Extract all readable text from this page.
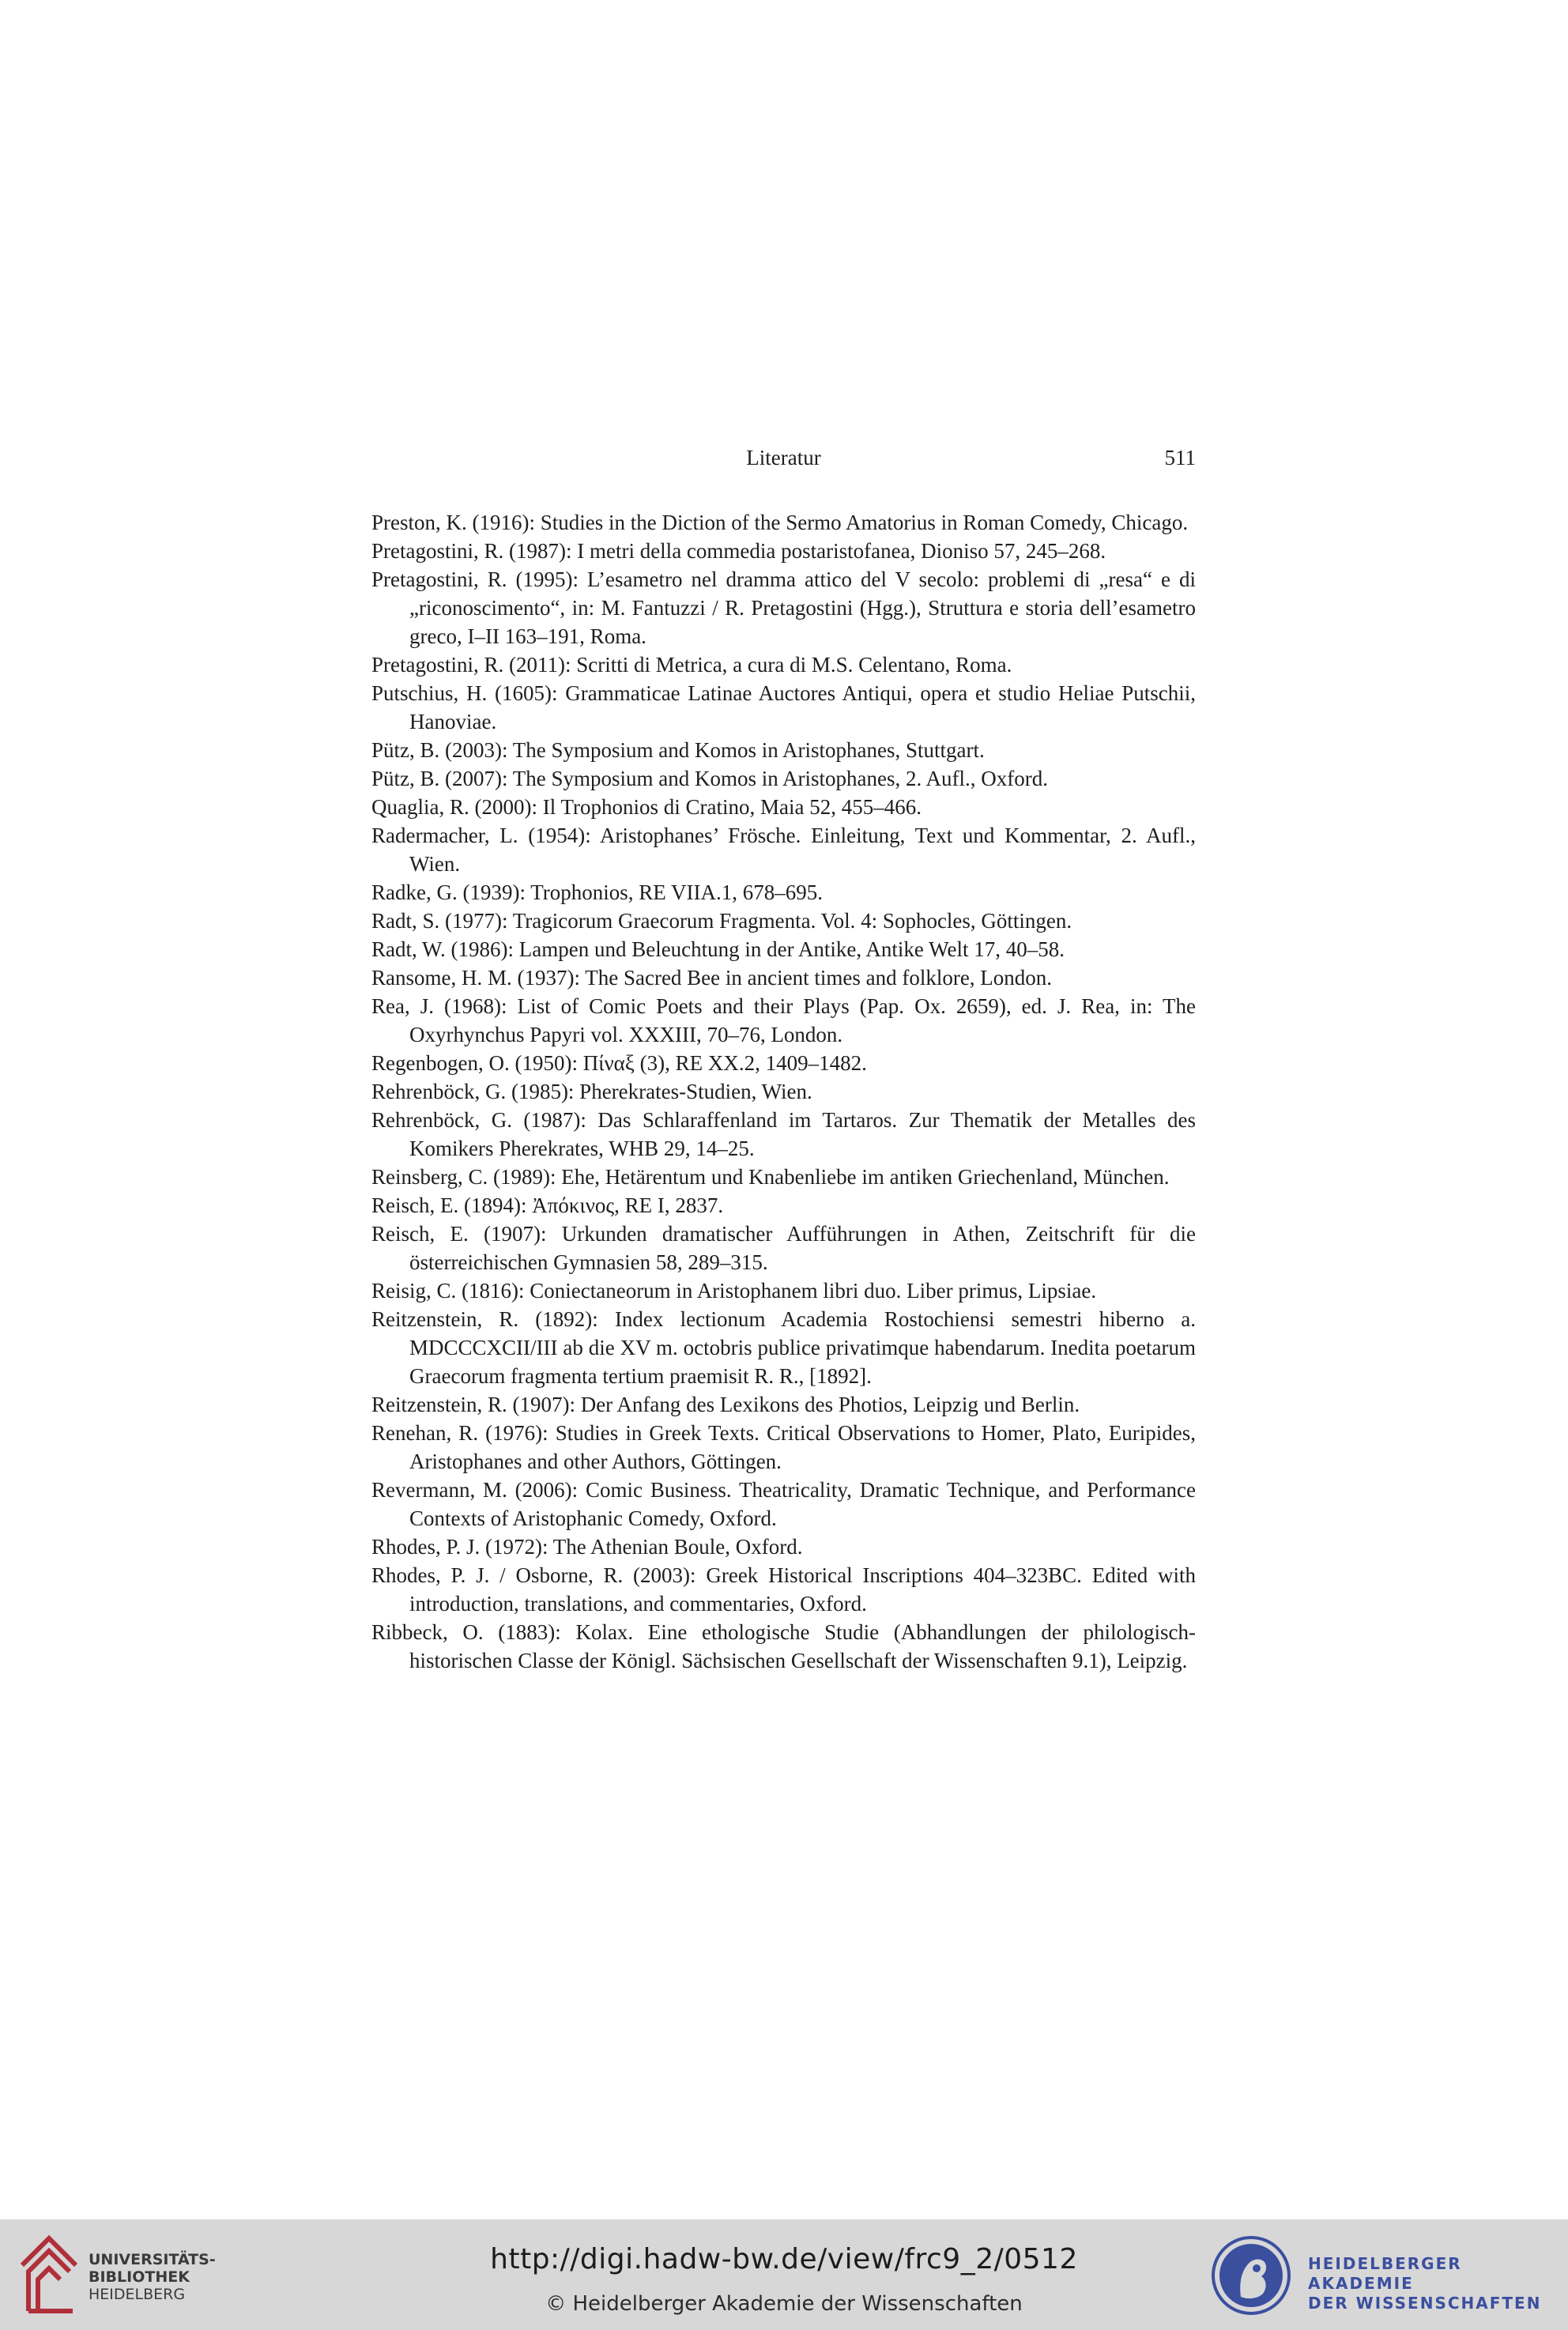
Literatur	511
Preston, K. (1916): Studies in the Diction of the Sermo Amatorius in Roman Comedy, Chicago.
Pretagostini, R. (1987): I metri della commedia postaristofanea, Dioniso 57, 245–268.
Pretagostini, R. (1995): L’esametro nel dramma attico del V secolo: problemi di „resa“ e di „riconoscimento“, in: M. Fantuzzi / R. Pretagostini (Hgg.), Struttura e storia dell’esametro greco, I–II 163–191, Roma.
Pretagostini, R. (2011): Scritti di Metrica, a cura di M.S. Celentano, Roma.
Putschius, H. (1605): Grammaticae Latinae Auctores Antiqui, opera et studio Heliae Putschii, Hanoviae.
Pütz, B. (2003): The Symposium and Komos in Aristophanes, Stuttgart.
Pütz, B. (2007): The Symposium and Komos in Aristophanes, 2. Aufl., Oxford.
Quaglia, R. (2000): Il Trophonios di Cratino, Maia 52, 455–466.
Radermacher, L. (1954): Aristophanes’ Frösche. Einleitung, Text und Kommentar, 2. Aufl., Wien.
Radke, G. (1939): Trophonios, RE VIIA.1, 678–695.
Radt, S. (1977): Tragicorum Graecorum Fragmenta. Vol. 4: Sophocles, Göttingen.
Radt, W. (1986): Lampen und Beleuchtung in der Antike, Antike Welt 17, 40–58.
Ransome, H. M. (1937): The Sacred Bee in ancient times and folklore, London.
Rea, J. (1968): List of Comic Poets and their Plays (Pap. Ox. 2659), ed. J. Rea, in: The Oxyrhynchus Papyri vol. XXXIII, 70–76, London.
Regenbogen, O. (1950): Πίναξ (3), RE XX.2, 1409–1482.
Rehrenböck, G. (1985): Pherekrates-Studien, Wien.
Rehrenböck, G. (1987): Das Schlaraffenland im Tartaros. Zur Thematik der Metalles des Komikers Pherekrates, WHB 29, 14–25.
Reinsberg, C. (1989): Ehe, Hetärentum und Knabenliebe im antiken Griechenland, München.
Reisch, E. (1894): Ἀπόκινος, RE I, 2837.
Reisch, E. (1907): Urkunden dramatischer Aufführungen in Athen, Zeitschrift für die österreichischen Gymnasien 58, 289–315.
Reisig, C. (1816): Coniectaneorum in Aristophanem libri duo. Liber primus, Lipsiae.
Reitzenstein, R. (1892): Index lectionum Academia Rostochiensi semestri hiberno a. MDCCCXCII/III ab die XV m. octobris publice privatimque habendarum. Inedita poetarum Graecorum fragmenta tertium praemisit R. R., [1892].
Reitzenstein, R. (1907): Der Anfang des Lexikons des Photios, Leipzig und Berlin.
Renehan, R. (1976): Studies in Greek Texts. Critical Observations to Homer, Plato, Euripides, Aristophanes and other Authors, Göttingen.
Revermann, M. (2006): Comic Business. Theatricality, Dramatic Technique, and Performance Contexts of Aristophanic Comedy, Oxford.
Rhodes, P. J. (1972): The Athenian Boule, Oxford.
Rhodes, P. J. / Osborne, R. (2003): Greek Historical Inscriptions 404–323BC. Edited with introduction, translations, and commentaries, Oxford.
Ribbeck, O. (1883): Kolax. Eine ethologische Studie (Abhandlungen der philologisch-historischen Classe der Königl. Sächsischen Gesellschaft der Wissenschaften 9.1), Leipzig.
UNIVERSITÄTS-
BIBLIOTHEK
HEIDELBERG
http://digi.hadw-bw.de/view/frc9_2/0512
© Heidelberger Akademie der Wissenschaften
HEIDELBERGER AKADEMIE
DER WISSENSCHAFTEN
